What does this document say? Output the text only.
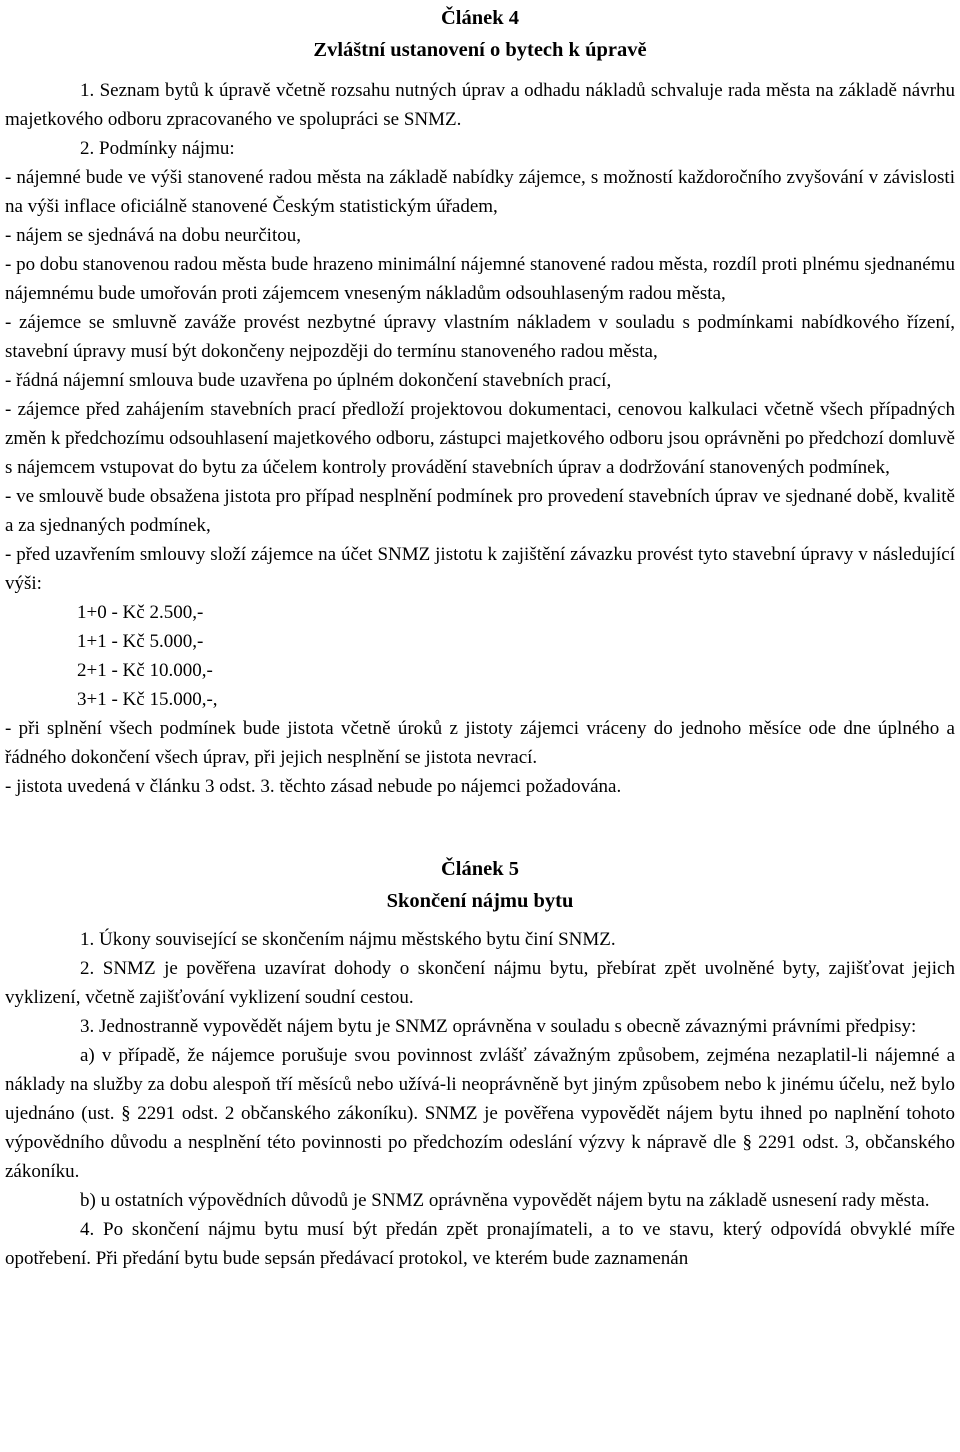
Článek 4
Zvláštní ustanovení o bytech k úpravě

1. Seznam bytů k úpravě včetně rozsahu nutných úprav a odhadu nákladů schvaluje rada města na základě návrhu majetkového odboru zpracovaného ve spolupráci se SNMZ.

2. Podmínky nájmu:

- nájemné bude ve výši stanovené radou města na základě nabídky zájemce, s možností každoročního zvyšování v závislosti na výši inflace oficiálně stanovené Českým statistickým úřadem,

- nájem se sjednává na dobu neurčitou,

- po dobu stanovenou radou města bude hrazeno minimální nájemné stanovené radou města, rozdíl proti plnému sjednanému nájemnému bude umořován proti zájemcem vneseným nákladům odsouhlaseným radou města,

- zájemce se smluvně zaváže provést nezbytné úpravy vlastním nákladem v souladu s podmínkami nabídkového řízení, stavební úpravy musí být dokončeny nejpozději do termínu stanoveného radou města,

- řádná nájemní smlouva bude uzavřena po úplném dokončení stavebních prací,

- zájemce před zahájením stavebních prací předloží projektovou dokumentaci, cenovou kalkulaci včetně všech případných změn k předchozímu odsouhlasení majetkového odboru, zástupci majetkového odboru jsou oprávněni po předchozí domluvě s nájemcem vstupovat do bytu za účelem kontroly provádění stavebních úprav a dodržování stanovených podmínek,

- ve smlouvě bude obsažena jistota pro případ nesplnění podmínek pro provedení stavebních úprav ve sjednané době, kvalitě a za sjednaných podmínek,

- před uzavřením smlouvy složí zájemce na účet SNMZ jistotu k zajištění závazku provést tyto stavební úpravy v následující výši:

1+0 - Kč 2.500,-

1+1 - Kč 5.000,-

2+1 - Kč 10.000,-

3+1 - Kč 15.000,-,

- při splnění všech podmínek bude jistota včetně úroků z jistoty zájemci vráceny do jednoho měsíce ode dne úplného a řádného dokončení všech úprav, při jejich nesplnění se jistota nevrací.

- jistota uvedená v článku 3 odst. 3. těchto zásad nebude po nájemci požadována.

Článek 5
Skončení nájmu bytu

1. Úkony související se skončením nájmu městského bytu činí SNMZ.

2. SNMZ je pověřena uzavírat dohody o skončení nájmu bytu, přebírat zpět uvolněné byty, zajišťovat jejich vyklizení, včetně zajišťování vyklizení soudní cestou.

3. Jednostranně vypovědět nájem bytu je SNMZ oprávněna v souladu s obecně závaznými právními předpisy:

a) v případě, že nájemce porušuje svou povinnost zvlášť závažným způsobem, zejména nezaplatil-li nájemné a náklady na služby za dobu alespoň tří měsíců nebo užívá-li neoprávněně byt jiným způsobem nebo k jinému účelu, než bylo ujednáno (ust. § 2291 odst. 2 občanského zákoníku). SNMZ je pověřena vypovědět nájem bytu ihned po naplnění tohoto výpovědního důvodu a nesplnění této povinnosti po předchozím odeslání výzvy k nápravě dle § 2291 odst. 3, občanského zákoníku.

b) u ostatních výpovědních důvodů je SNMZ oprávněna vypovědět nájem bytu na základě usnesení rady města.

4. Po skončení nájmu bytu musí být předán zpět pronajímateli, a to ve stavu, který odpovídá obvyklé míře opotřebení. Při předání bytu bude sepsán předávací protokol, ve kterém bude zaznamenán
